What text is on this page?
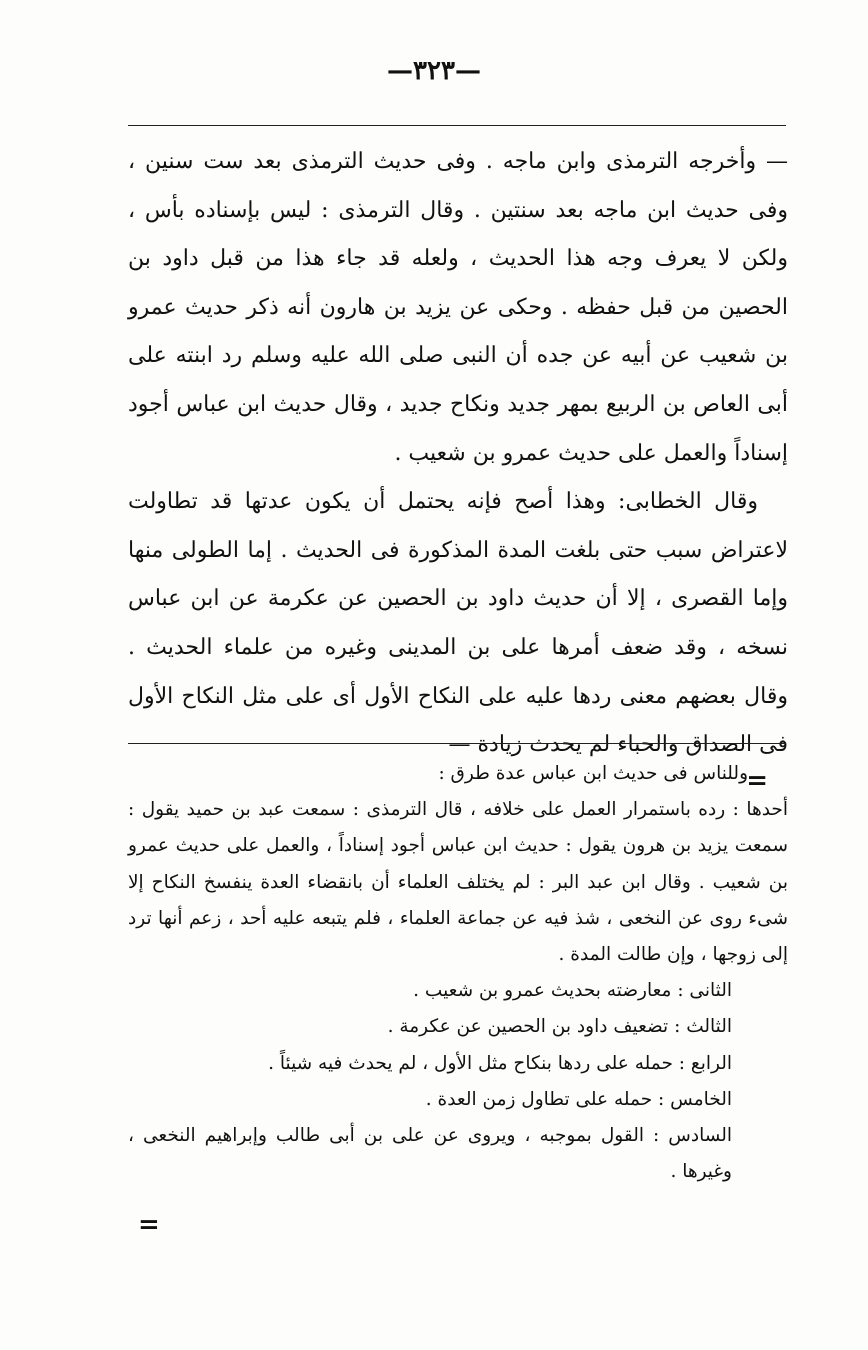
—٣٢٣—

— وأخرجه الترمذى وابن ماجه . وفى حديث الترمذى بعد ست سنين ، وفى حديث ابن ماجه بعد سنتين . وقال الترمذى : ليس بإسناده بأس ، ولكن لا يعرف وجه هذا الحديث ، ولعله قد جاء هذا من قبل داود بن الحصين من قبل حفظه . وحكى عن يزيد بن هارون أنه ذكر حديث عمرو بن شعيب عن أبيه عن جده أن النبى صلى الله عليه وسلم رد ابنته على أبى العاص بن الربيع بمهر جديد ونكاح جديد ، وقال حديث ابن عباس أجود إسناداً والعمل على حديث عمرو بن شعيب .

وقال الخطابى: وهذا أصح فإنه يحتمل أن يكون عدتها قد تطاولت لاعتراض سبب حتى بلغت المدة المذكورة فى الحديث . إما الطولى منها وإما القصرى ، إلا أن حديث داود بن الحصين عن عكرمة عن ابن عباس نسخه ، وقد ضعف أمرها على بن المدينى وغيره من علماء الحديث . وقال بعضهم معنى ردها عليه على النكاح الأول أى على مثل النكاح الأول فى الصداق والحباء لم يحدث زيادة —

=

وللناس فى حديث ابن عباس عدة طرق :

أحدها : رده باستمرار العمل على خلافه ، قال الترمذى : سمعت عبد بن حميد يقول : سمعت يزيد بن هرون يقول : حديث ابن عباس أجود إسناداً ، والعمل على حديث عمرو بن شعيب . وقال ابن عبد البر : لم يختلف العلماء أن بانقضاء العدة ينفسخ النكاح إلا شىء روى عن النخعى ، شذ فيه عن جماعة العلماء ، فلم يتبعه عليه أحد ، زعم أنها ترد إلى زوجها ، وإن طالت المدة .

الثانى : معارضته بحديث عمرو بن شعيب .

الثالث : تضعيف داود بن الحصين عن عكرمة .

الرابع : حمله على ردها بنكاح مثل الأول ، لم يحدث فيه شيئاً .

الخامس : حمله على تطاول زمن العدة .

السادس : القول بموجبه ، ويروى عن على بن أبى طالب وإبراهيم النخعى ، وغيرها .

=
